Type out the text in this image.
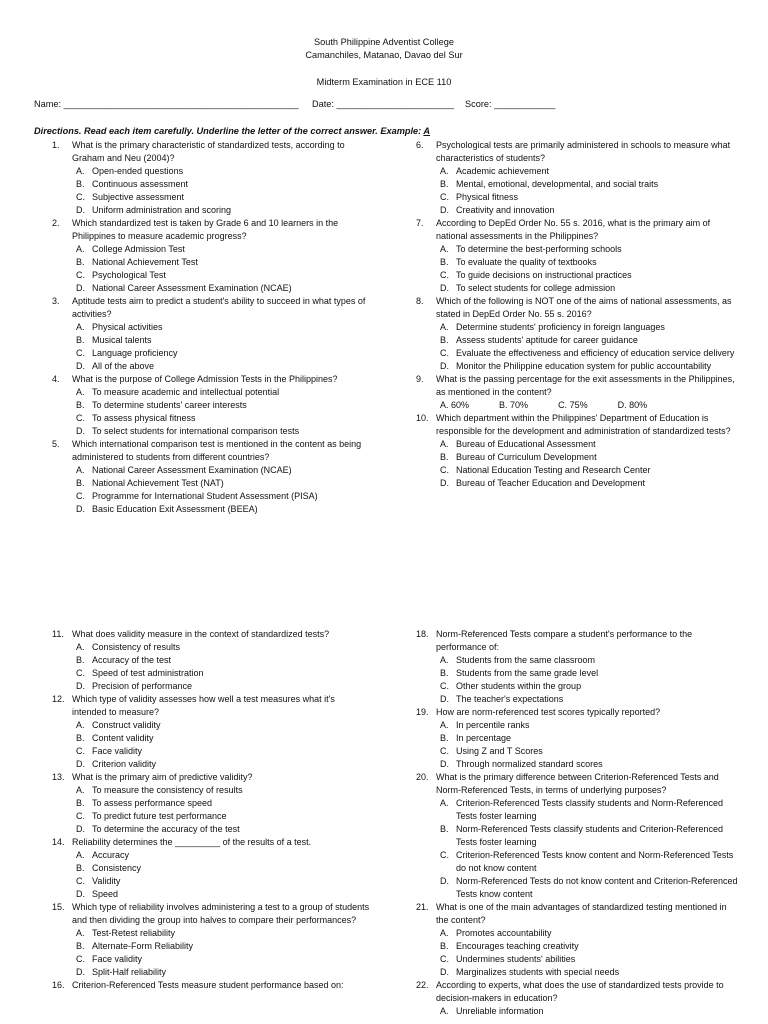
South Philippine Adventist College
Camanchiles, Matanao, Davao del Sur
Midterm Examination in ECE 110
Name: ______________________________________________ Date: _______________________ Score: ____________
Directions. Read each item carefully. Underline the letter of the correct answer. Example: A
1.	What is the primary characteristic of standardized tests, according to Graham and Neu (2004)?
A. Open-ended questions
B. Continuous assessment
C. Subjective assessment
D. Uniform administration and scoring
2.	Which standardized test is taken by Grade 6 and 10 learners in the Philippines to measure academic progress?
A. College Admission Test
B. National Achievement Test
C. Psychological Test
D. National Career Assessment Examination (NCAE)
3.	Aptitude tests aim to predict a student's ability to succeed in what types of activities?
A. Physical activities
B. Musical talents
C. Language proficiency
D. All of the above
4.	What is the purpose of College Admission Tests in the Philippines?
A. To measure academic and intellectual potential
B. To determine students' career interests
C. To assess physical fitness
D. To select students for international comparison tests
5.	Which international comparison test is mentioned in the content as being administered to students from different countries?
A. National Career Assessment Examination (NCAE)
B. National Achievement Test (NAT)
C. Programme for International Student Assessment (PISA)
D. Basic Education Exit Assessment (BEEA)
6.	Psychological tests are primarily administered in schools to measure what characteristics of students?
A. Academic achievement
B. Mental, emotional, developmental, and social traits
C. Physical fitness
D. Creativity and innovation
7.	According to DepEd Order No. 55 s. 2016, what is the primary aim of national assessments in the Philippines?
A. To determine the best-performing schools
B. To evaluate the quality of textbooks
C. To guide decisions on instructional practices
D. To select students for college admission
8.	Which of the following is NOT one of the aims of national assessments, as stated in DepEd Order No. 55 s. 2016?
A. Determine students' proficiency in foreign languages
B. Assess students' aptitude for career guidance
C. Evaluate the effectiveness and efficiency of education service delivery
D. Monitor the Philippine education system for public accountability
9.	What is the passing percentage for the exit assessments in the Philippines, as mentioned in the content?
A. 60%	B. 70%	C. 75%	D. 80%
10. Which department within the Philippines' Department of Education is responsible for the development and administration of standardized tests?
A. Bureau of Educational Assessment
B. Bureau of Curriculum Development
C. National Education Testing and Research Center
D. Bureau of Teacher Education and Development
11. What does validity measure in the context of standardized tests?
A. Consistency of results
B. Accuracy of the test
C. Speed of test administration
D. Precision of performance
12. Which type of validity assesses how well a test measures what it's intended to measure?
A. Construct validity
B. Content validity
C. Face validity
D. Criterion validity
13. What is the primary aim of predictive validity?
A. To measure the consistency of results
B. To assess performance speed
C. To predict future test performance
D. To determine the accuracy of the test
14. Reliability determines the _________ of the results of a test.
A. Accuracy
B. Consistency
C. Validity
D. Speed
15. Which type of reliability involves administering a test to a group of students and then dividing the group into halves to compare their performances?
A. Test-Retest reliability
B. Alternate-Form Reliability
C. Face validity
D. Split-Half reliability
16. Criterion-Referenced Tests measure student performance based on:
18. Norm-Referenced Tests compare a student's performance to the performance of:
A. Students from the same classroom
B. Students from the same grade level
C. Other students within the group
D. The teacher's expectations
19. How are norm-referenced test scores typically reported?
A. In percentile ranks
B. In percentage
C. Using Z and T Scores
D. Through normalized standard scores
20. What is the primary difference between Criterion-Referenced Tests and Norm-Referenced Tests, in terms of underlying purposes?
A. Criterion-Referenced Tests classify students and Norm-Referenced Tests foster learning
B. Norm-Referenced Tests classify students and Criterion-Referenced Tests foster learning
C. Criterion-Referenced Tests know content and Norm-Referenced Tests do not know content
D. Norm-Referenced Tests do not know content and Criterion-Referenced Tests know content
21. What is one of the main advantages of standardized testing mentioned in the content?
A. Promotes accountability
B. Encourages teaching creativity
C. Undermines students' abilities
D. Marginalizes students with special needs
22. According to experts, what does the use of standardized tests provide to decision-makers in education?
A. Unreliable information
